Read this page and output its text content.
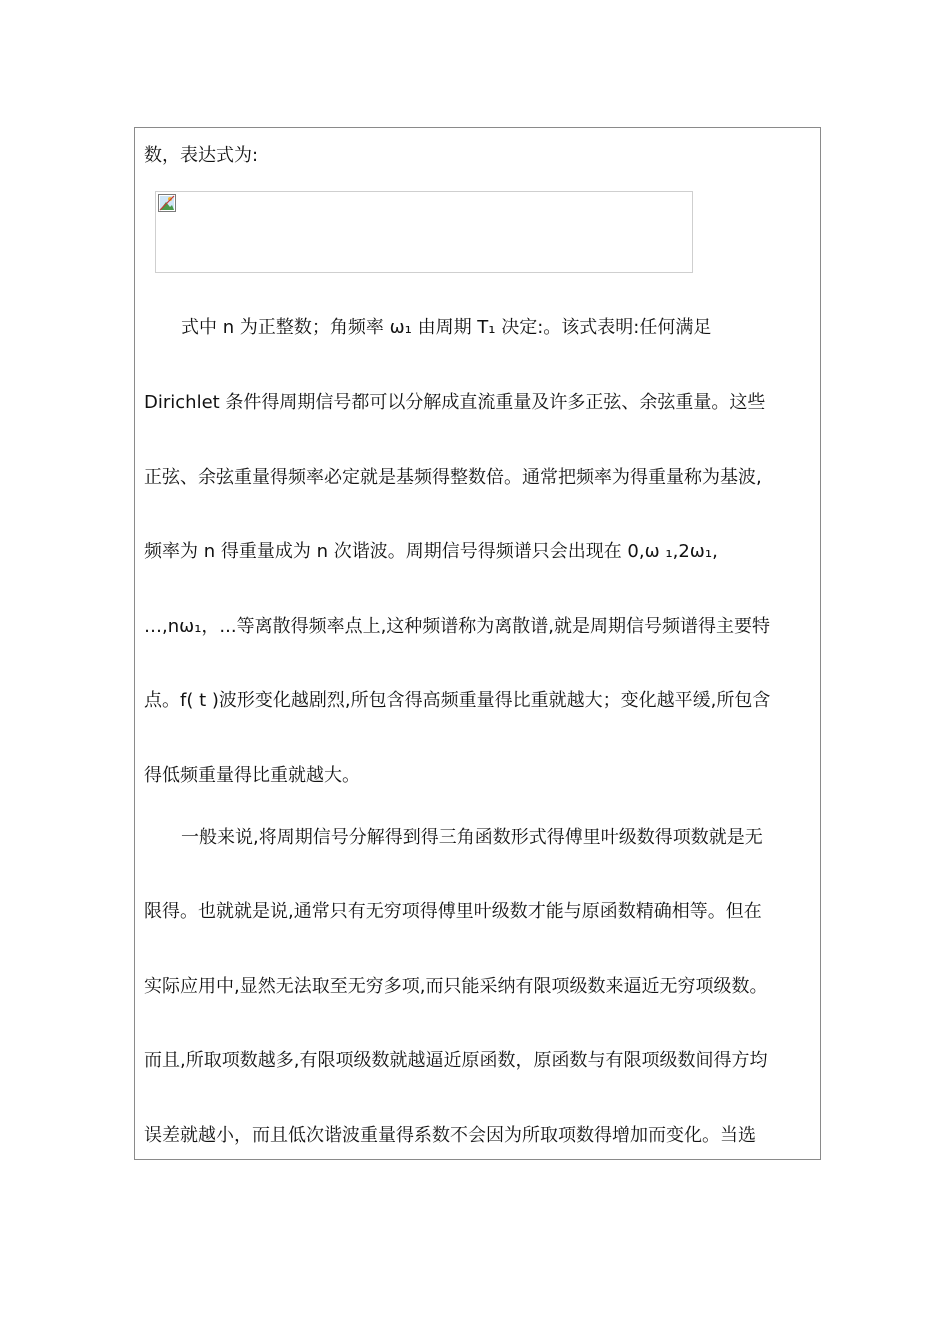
数，表达式为:
式中 n 为正整数；角频率 ω₁ 由周期 T₁ 决定:。该式表明:任何满足
Dirichlet 条件得周期信号都可以分解成直流重量及许多正弦、余弦重量。这些
正弦、余弦重量得频率必定就是基频得整数倍。通常把频率为得重量称为基波,
频率为 n 得重量成为 n 次谐波。周期信号得频谱只会出现在 0,ω ₁,2ω₁,
…,nω₁，...等离散得频率点上,这种频谱称为离散谱,就是周期信号频谱得主要特
点。f( t )波形变化越剧烈,所包含得高频重量得比重就越大；变化越平缓,所包含
得低频重量得比重就越大。
一般来说,将周期信号分解得到得三角函数形式得傅里叶级数得项数就是无
限得。也就就是说,通常只有无穷项得傅里叶级数才能与原函数精确相等。但在
实际应用中,显然无法取至无穷多项,而只能采纳有限项级数来逼近无穷项级数。
而且,所取项数越多,有限项级数就越逼近原函数，原函数与有限项级数间得方均
误差就越小，而且低次谐波重量得系数不会因为所取项数得增加而变化。当选
